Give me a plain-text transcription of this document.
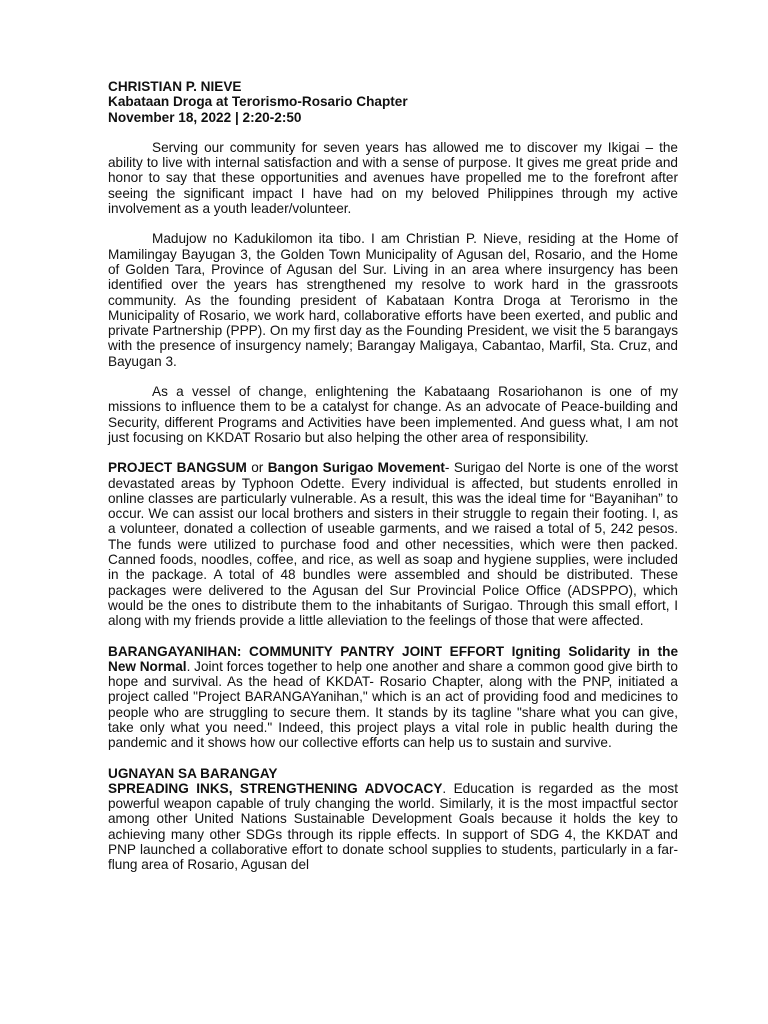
CHRISTIAN P. NIEVE

Kabataan Droga at Terorismo-Rosario Chapter

November 18, 2022 | 2:20-2:50

Serving our community for seven years has allowed me to discover my Ikigai – the ability to live with internal satisfaction and with a sense of purpose. It gives me great pride and honor to say that these opportunities and avenues have propelled me to the forefront after seeing the significant impact I have had on my beloved Philippines through my active involvement as a youth leader/volunteer.

Madujow no Kadukilomon ita tibo. I am Christian P. Nieve, residing at the Home of Mamilingay Bayugan 3, the Golden Town Municipality of Agusan del, Rosario, and the Home of Golden Tara, Province of Agusan del Sur. Living in an area where insurgency has been identified over the years has strengthened my resolve to work hard in the grassroots community. As the founding president of Kabataan Kontra Droga at Terorismo in the Municipality of Rosario, we work hard, collaborative efforts have been exerted, and public and private Partnership (PPP). On my first day as the Founding President, we visit the 5 barangays with the presence of insurgency namely; Barangay Maligaya, Cabantao, Marfil, Sta. Cruz, and Bayugan 3.

As a vessel of change, enlightening the Kabataang Rosariohanon is one of my missions to influence them to be a catalyst for change. As an advocate of Peace-building and Security, different Programs and Activities have been implemented. And guess what, I am not just focusing on KKDAT Rosario but also helping the other area of responsibility.

PROJECT BANGSUM or Bangon Surigao Movement- Surigao del Norte is one of the worst devastated areas by Typhoon Odette. Every individual is affected, but students enrolled in online classes are particularly vulnerable. As a result, this was the ideal time for “Bayanihan” to occur. We can assist our local brothers and sisters in their struggle to regain their footing. I, as a volunteer, donated a collection of useable garments, and we raised a total of 5, 242 pesos. The funds were utilized to purchase food and other necessities, which were then packed. Canned foods, noodles, coffee, and rice, as well as soap and hygiene supplies, were included in the package. A total of 48 bundles were assembled and should be distributed. These packages were delivered to the Agusan del Sur Provincial Police Office (ADSPPO), which would be the ones to distribute them to the inhabitants of Surigao. Through this small effort, I along with my friends provide a little alleviation to the feelings of those that were affected.

BARANGAYANIHAN: COMMUNITY PANTRY JOINT EFFORT Igniting Solidarity in the New Normal. Joint forces together to help one another and share a common good give birth to hope and survival. As the head of KKDAT- Rosario Chapter, along with the PNP, initiated a project called "Project BARANGAYanihan," which is an act of providing food and medicines to people who are struggling to secure them. It stands by its tagline "share what you can give, take only what you need." Indeed, this project plays a vital role in public health during the pandemic and it shows how our collective efforts can help us to sustain and survive.

UGNAYAN SA BARANGAY

SPREADING INKS, STRENGTHENING ADVOCACY. Education is regarded as the most powerful weapon capable of truly changing the world. Similarly, it is the most impactful sector among other United Nations Sustainable Development Goals because it holds the key to achieving many other SDGs through its ripple effects. In support of SDG 4, the KKDAT and PNP launched a collaborative effort to donate school supplies to students, particularly in a far-flung area of Rosario, Agusan del
